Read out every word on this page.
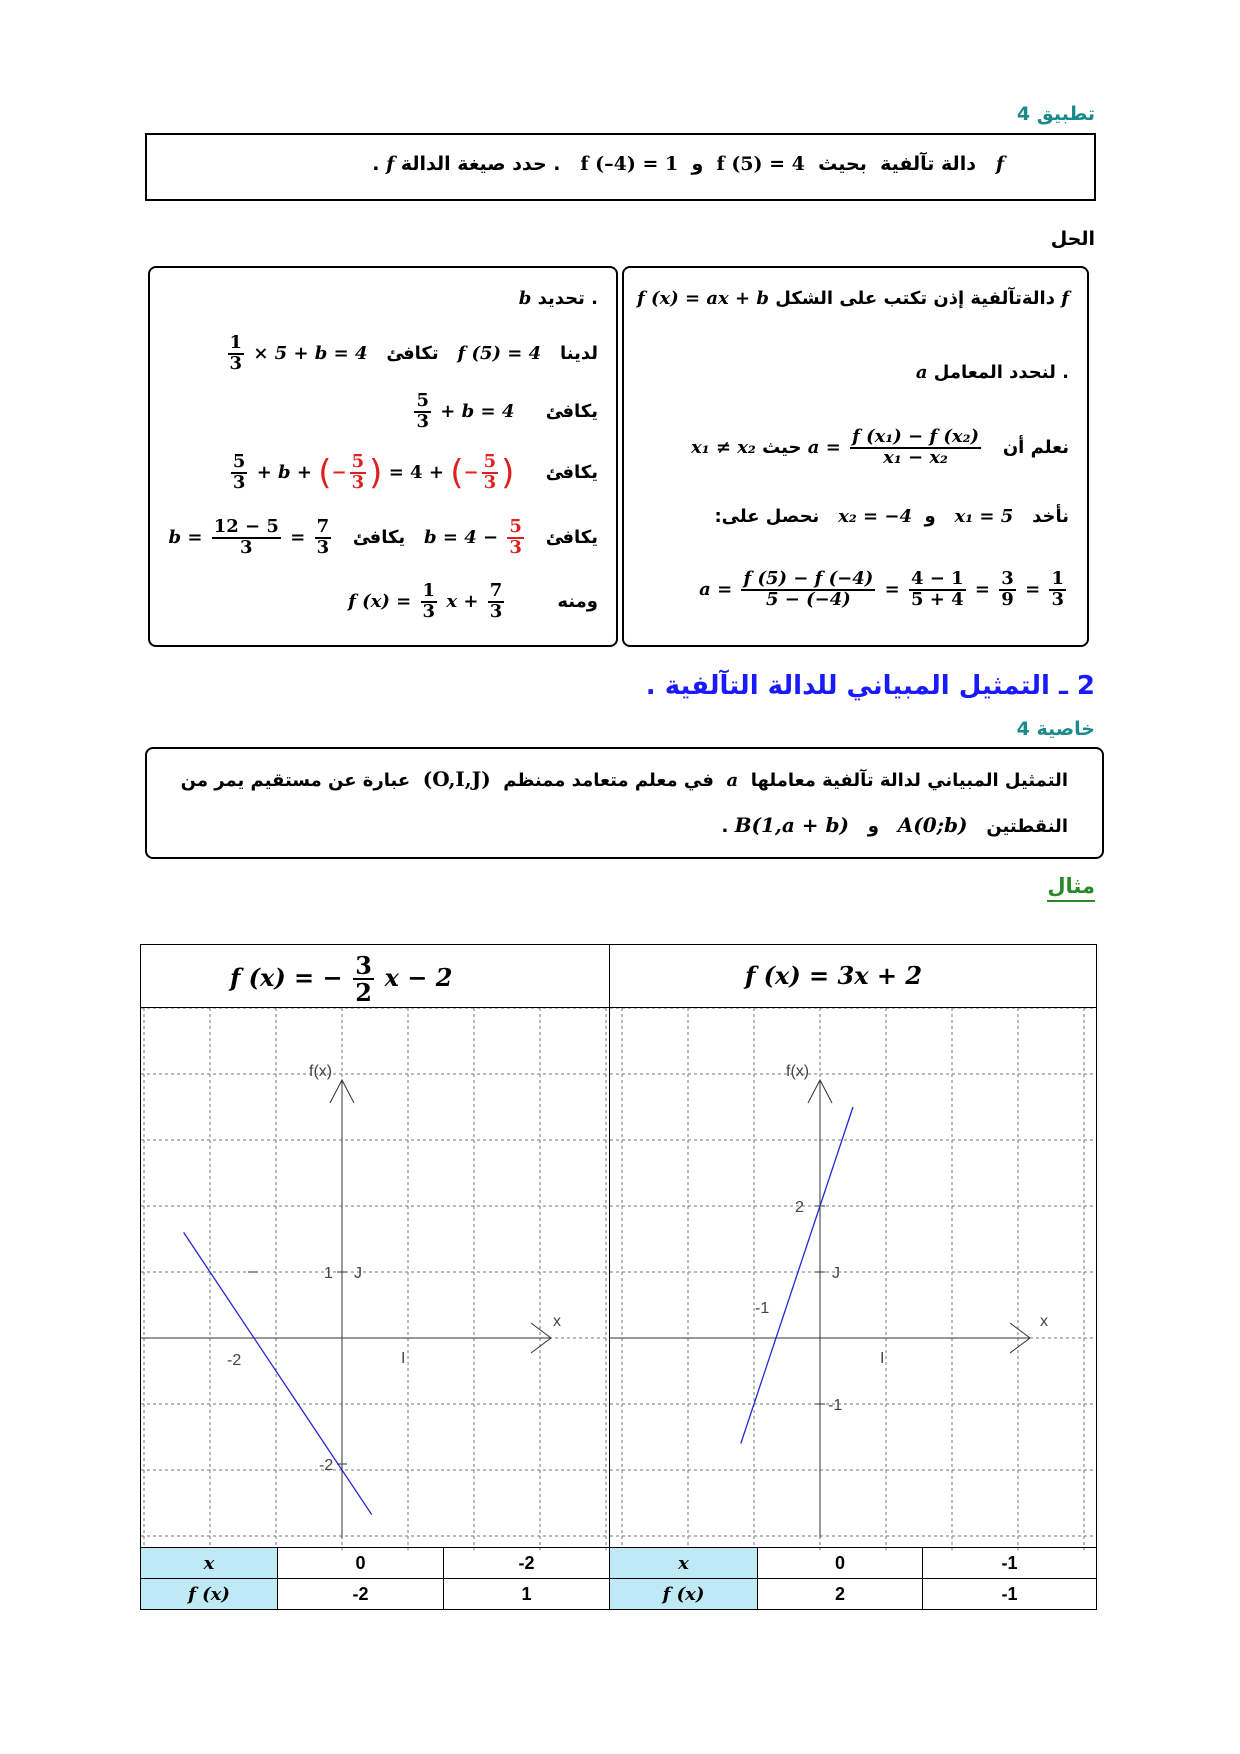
تطبيق 4
f   دالة تآلفية  بحيث  f (5) = 4  و  f (–4) = 1   . حدد صيغة الدالة f .
الحل
f دالةتآلفية إذن تكتب على الشكل f (x) = ax + b
. لنحدد المعامل a
نعلم أن   $a = \frac{\text{f (x₁) − f (x₂)}}{\text{x₁ − x₂}}$
حيث x₁ ≠ x₂
نأخد   x₁ = 5   و  x₂ = −4   نحصل على:
$a = \frac{f (5) - f (-4)}{5 - (-4)} = \frac{4 - 1}{5 + 4} = \frac{3}{9} = \frac{1}{3}$
. تحديد b
لدينا   f (5) = 4   تكافئ
$\frac{1}{3} \times 5 + b = 4$
يكافئ
$\frac{5}{3} + b = 4$
يكافئ
$\frac{5}{3} + b$ + (− $\frac{5}{3}$ ) = 4 + (− $\frac{5}{3}$ )
يكافئ   $b = 4 - \frac{5}{3}$
يكافئ   $b = \frac{12 - 5}{3} = \frac{7}{3}$
ومنه        f $(x) = \frac{1}{3}$ $x + \frac{7}{3}$
2 ـ التمثيل المبياني للدالة التآلفية .
خاصية 4
التمثيل المبياني لدالة تآلفية معاملها  a  في معلم متعامد ممنظم  (O,I,J)  عبارة عن مستقيم يمر من
النقطتين   A(0;b)   و   B(1,a + b) .
مثال
f (x) = − $\frac{3}{2}$ x − 2	f (x) = 3x + 2
f(x)
x
I
J
1
-2
-2
f(x)
x
I
J
2
-1
-1
x	0	-2
f (x)	-2	1
x	0	-1
f (x)	2	-1
